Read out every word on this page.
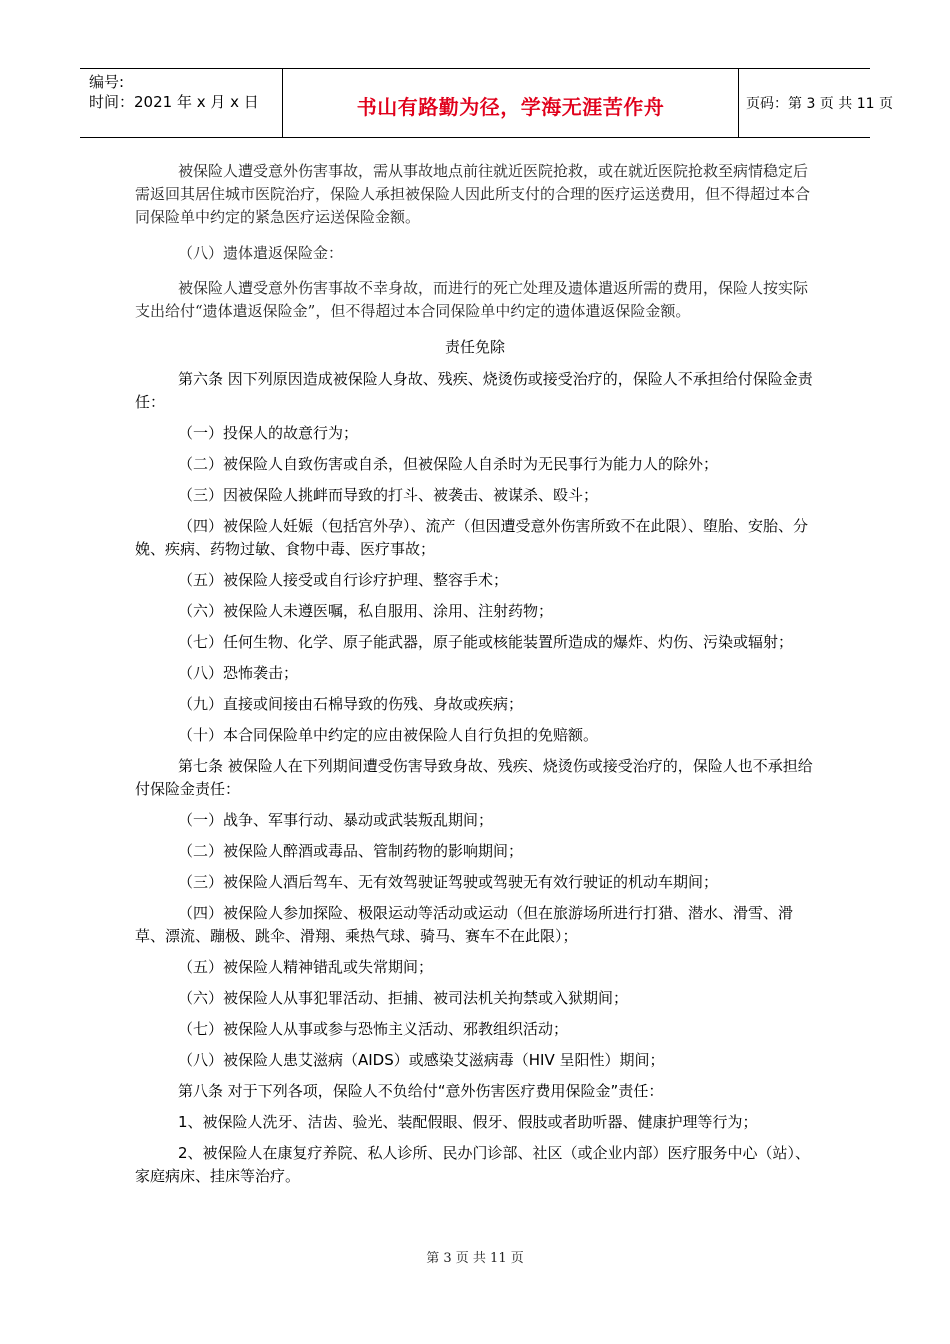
编号:
时间：2021 年 x 月 x 日	书山有路勤为径，学海无涯苦作舟	页码：第 3 页 共 11 页

被保险人遭受意外伤害事故，需从事故地点前往就近医院抢救，或在就近医院抢救至病情稳定后需返回其居住城市医院治疗，保险人承担被保险人因此所支付的合理的医疗运送费用，但不得超过本合同保险单中约定的紧急医疗运送保险金额。

（八）遗体遣返保险金：

被保险人遭受意外伤害事故不幸身故，而进行的死亡处理及遗体遣返所需的费用，保险人按实际支出给付“遗体遣返保险金”，但不得超过本合同保险单中约定的遗体遣返保险金额。

责任免除

第六条 因下列原因造成被保险人身故、残疾、烧烫伤或接受治疗的，保险人不承担给付保险金责任：

（一）投保人的故意行为；

（二）被保险人自致伤害或自杀，但被保险人自杀时为无民事行为能力人的除外；

（三）因被保险人挑衅而导致的打斗、被袭击、被谋杀、殴斗；

（四）被保险人妊娠（包括宫外孕）、流产（但因遭受意外伤害所致不在此限）、堕胎、安胎、分娩、疾病、药物过敏、食物中毒、医疗事故；

（五）被保险人接受或自行诊疗护理、整容手术；

（六）被保险人未遵医嘱，私自服用、涂用、注射药物；

（七）任何生物、化学、原子能武器，原子能或核能装置所造成的爆炸、灼伤、污染或辐射；

（八）恐怖袭击；

（九）直接或间接由石棉导致的伤残、身故或疾病；

（十）本合同保险单中约定的应由被保险人自行负担的免赔额。

第七条 被保险人在下列期间遭受伤害导致身故、残疾、烧烫伤或接受治疗的，保险人也不承担给付保险金责任：

（一）战争、军事行动、暴动或武装叛乱期间；

（二）被保险人醉酒或毒品、管制药物的影响期间；

（三）被保险人酒后驾车、无有效驾驶证驾驶或驾驶无有效行驶证的机动车期间；

（四）被保险人参加探险、极限运动等活动或运动（但在旅游场所进行打猎、潜水、滑雪、滑草、漂流、蹦极、跳伞、滑翔、乘热气球、骑马、赛车不在此限）；

（五）被保险人精神错乱或失常期间；

（六）被保险人从事犯罪活动、拒捕、被司法机关拘禁或入狱期间；

（七）被保险人从事或参与恐怖主义活动、邪教组织活动；

（八）被保险人患艾滋病（AIDS）或感染艾滋病毒（HIV 呈阳性）期间；

第八条 对于下列各项，保险人不负给付“意外伤害医疗费用保险金”责任：

1、被保险人洗牙、洁齿、验光、装配假眼、假牙、假肢或者助听器、健康护理等行为；

2、被保险人在康复疗养院、私人诊所、民办门诊部、社区（或企业内部）医疗服务中心（站）、家庭病床、挂床等治疗。

第 3 页 共 11 页
